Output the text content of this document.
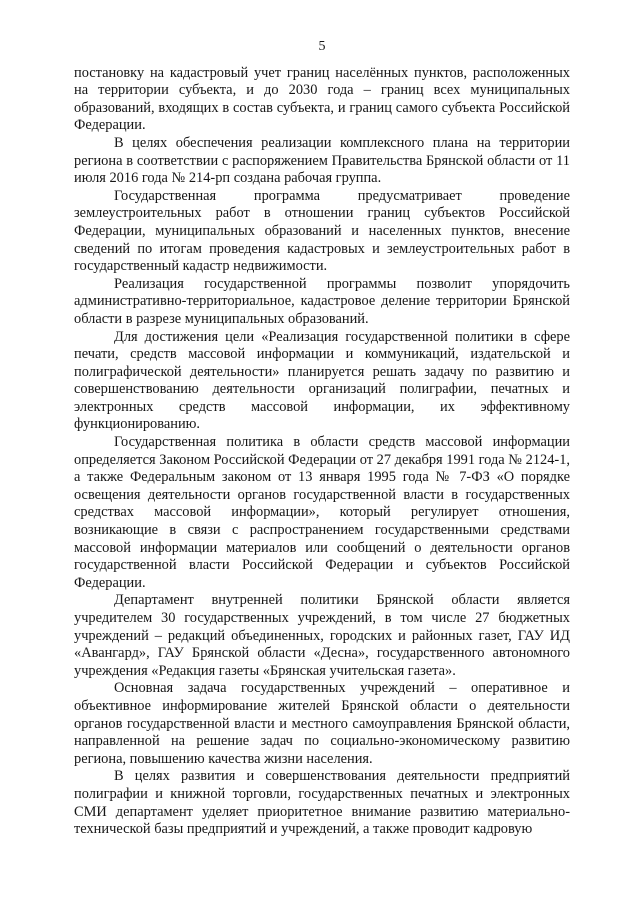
5

постановку на кадастровый учет границ населённых пунктов, расположенных на территории субъекта, и до 2030 года – границ всех муниципальных образований, входящих в состав субъекта, и границ самого субъекта Российской Федерации.

В целях обеспечения реализации комплексного плана на территории региона в соответствии с распоряжением Правительства Брянской области от 11 июля 2016 года № 214-рп создана рабочая группа.

Государственная программа предусматривает проведение землеустроительных работ в отношении границ субъектов Российской Федерации, муниципальных образований и населенных пунктов, внесение сведений по итогам проведения кадастровых и землеустроительных работ в государственный кадастр недвижимости.

Реализация государственной программы позволит упорядочить административно-территориальное, кадастровое деление территории Брянской области в разрезе муниципальных образований.

Для достижения цели «Реализация государственной политики в сфере печати, средств массовой информации и коммуникаций, издательской и полиграфической деятельности» планируется решать задачу по развитию и совершенствованию деятельности организаций полиграфии, печатных и электронных средств массовой информации, их эффективному функционированию.

Государственная политика в области средств массовой информации определяется Законом Российской Федерации от 27 декабря 1991 года № 2124-1, а также Федеральным законом от 13 января 1995 года № 7-ФЗ «О порядке освещения деятельности органов государственной власти в государственных средствах массовой информации», который регулирует отношения, возникающие в связи с распространением государственными средствами массовой информации материалов или сообщений о деятельности органов государственной власти Российской Федерации и субъектов Российской Федерации.

Департамент внутренней политики Брянской области является учредителем 30 государственных учреждений, в том числе 27 бюджетных учреждений – редакций объединенных, городских и районных газет, ГАУ ИД «Авангард», ГАУ Брянской области «Десна», государственного автономного учреждения «Редакция газеты «Брянская учительская газета».

Основная задача государственных учреждений – оперативное и объективное информирование жителей Брянской области о деятельности органов государственной власти и местного самоуправления Брянской области, направленной на решение задач по социально-экономическому развитию региона, повышению качества жизни населения.

В целях развития и совершенствования деятельности предприятий полиграфии и книжной торговли, государственных печатных и электронных СМИ департамент уделяет приоритетное внимание развитию материально-технической базы предприятий и учреждений, а также проводит кадровую
